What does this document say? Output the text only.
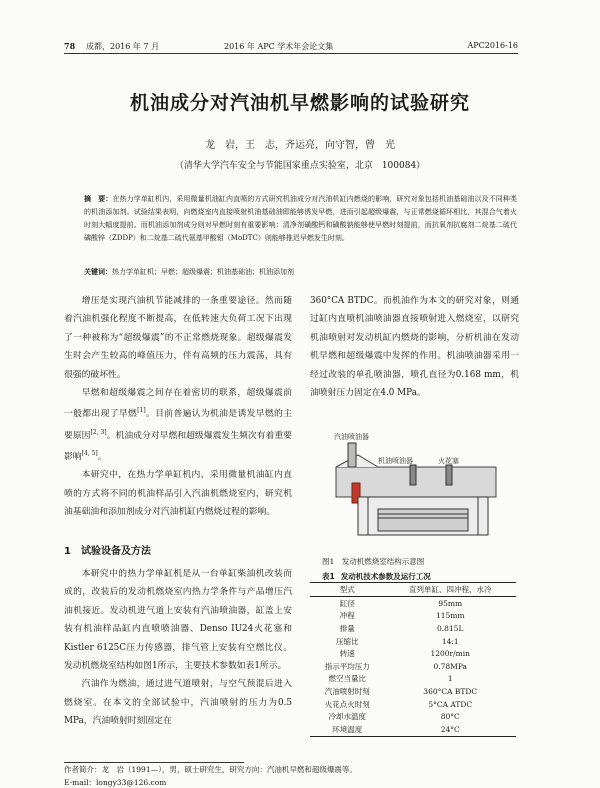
78 成都，2016 年 7 月	2016 年 APC 学术年会论文集	APC2016-16
机油成分对汽油机早燃影响的试验研究
龙　岩，王　志，齐运亮，向守智，曾　光
（清华大学汽车安全与节能国家重点实验室，北京　100084）
摘　要：在热力学单缸机内，采用微量机油缸内直喷的方式研究机油成分对汽油机缸内燃烧的影响，研究对象包括机油基础油以及不同种类的机油添加剂。试验结果表明，向燃烧室内直接喷射机油基础油即能够诱发早燃，进而引起超级爆震，与正常燃烧循环相比，其混合气着火时刻大幅度提前。而机油添加剂成分则对早燃时刻有重要影响：清净剂磺酸钙和磺酸钠能够使早燃时刻提前，而抗氧剂抗腐剂二烷基二硫代磷酸锌（ZDDP）和二烷基二硫代氨基甲酸钼（MoDTC）则能够推迟早燃发生时刻。
关键词：热力学单缸机；早燃；超级爆震；机油基础油；机油添加剂

增压是实现汽油机节能减排的一条重要途径。然而随着汽油机强化程度不断提高，在低转速大负荷工况下出现了一种被称为“超级爆震”的不正常燃烧现象。超级爆震发生时会产生较高的峰值压力，伴有高频的压力震荡，具有很强的破坏性。

早燃和超级爆震之间存在着密切的联系，超级爆震前一般都出现了早燃[1]。目前普遍认为机油是诱发早燃的主要原因[2, 3]。机油成分对早燃和超级爆震发生频次有着重要影响[4, 5]。

本研究中，在热力学单缸机内，采用微量机油缸内直喷的方式将不同的机油样品引入汽油机燃烧室内，研究机油基础油和添加剂成分对汽油机缸内燃烧过程的影响。

1　试验设备及方法

本研究中的热力学单缸机是从一台单缸柴油机改装而成的，改装后的发动机燃烧室内热力学条件与产品增压汽油机接近。发动机进气道上安装有汽油喷油器，缸盖上安装有机油样品缸内直喷喷油器、Denso IU24火花塞和Kistler 6125C压力传感器，排气管上安装有空燃比仪。发动机燃烧室结构如图1所示，主要技术参数如表1所示。

汽油作为燃油，通过进气道喷射，与空气预混后进入燃烧室。在本文的全部试验中，汽油喷射的压力为0.5 MPa，汽油喷射时刻固定在

360°CA BTDC。而机油作为本文的研究对象，则通过缸内直喷机油喷油器直接喷射进入燃烧室，以研究机油喷射对发动机缸内燃烧的影响，分析机油在发动机早燃和超级爆震中发挥的作用。机油喷油器采用一经过改装的单孔喷油器，喷孔直径为0.168 mm，机油喷射压力固定在4.0 MPa。

汽油喷油器
机油喷油器	火花塞
图1　发动机燃烧室结构示意图
表1 发动机技术参数及运行工况
型式	直列单缸、四冲程、水冷
缸径	95mm
冲程	115mm
排量	0.815L
压缩比	14:1
转速	1200r/min
指示平均压力	0.78MPa
燃空当量比	1
汽油喷射时刻	360°CA BTDC
火花点火时刻	5°CA ATDC
冷却水温度	80°C
环境温度	24°C
作者简介：龙　岩（1991—），男，硕士研究生，研究方向：汽油机早燃和超级爆震等。
E-mail：longy33@126.com
